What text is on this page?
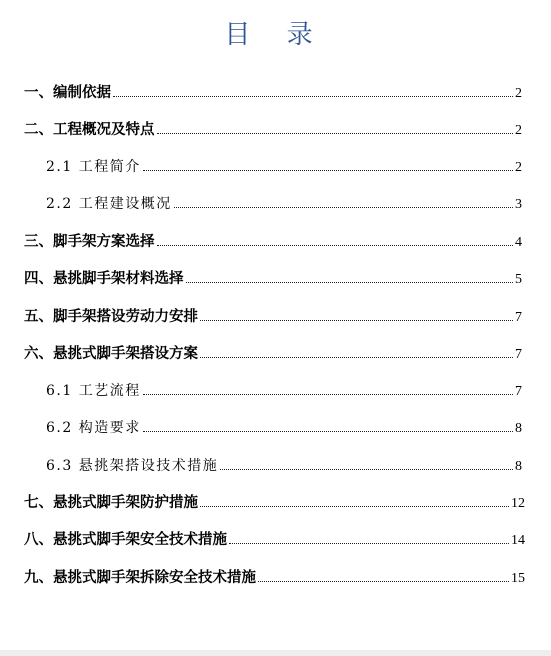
目 录
一、编制依据	2
二、工程概况及特点	2
2.1 工程简介	2
2.2 工程建设概况	3
三、脚手架方案选择	4
四、悬挑脚手架材料选择	5
五、脚手架搭设劳动力安排	7
六、悬挑式脚手架搭设方案	7
6.1 工艺流程	7
6.2 构造要求	8
6.3 悬挑架搭设技术措施	8
七、悬挑式脚手架防护措施	12
八、悬挑式脚手架安全技术措施	14
九、悬挑式脚手架拆除安全技术措施	15
